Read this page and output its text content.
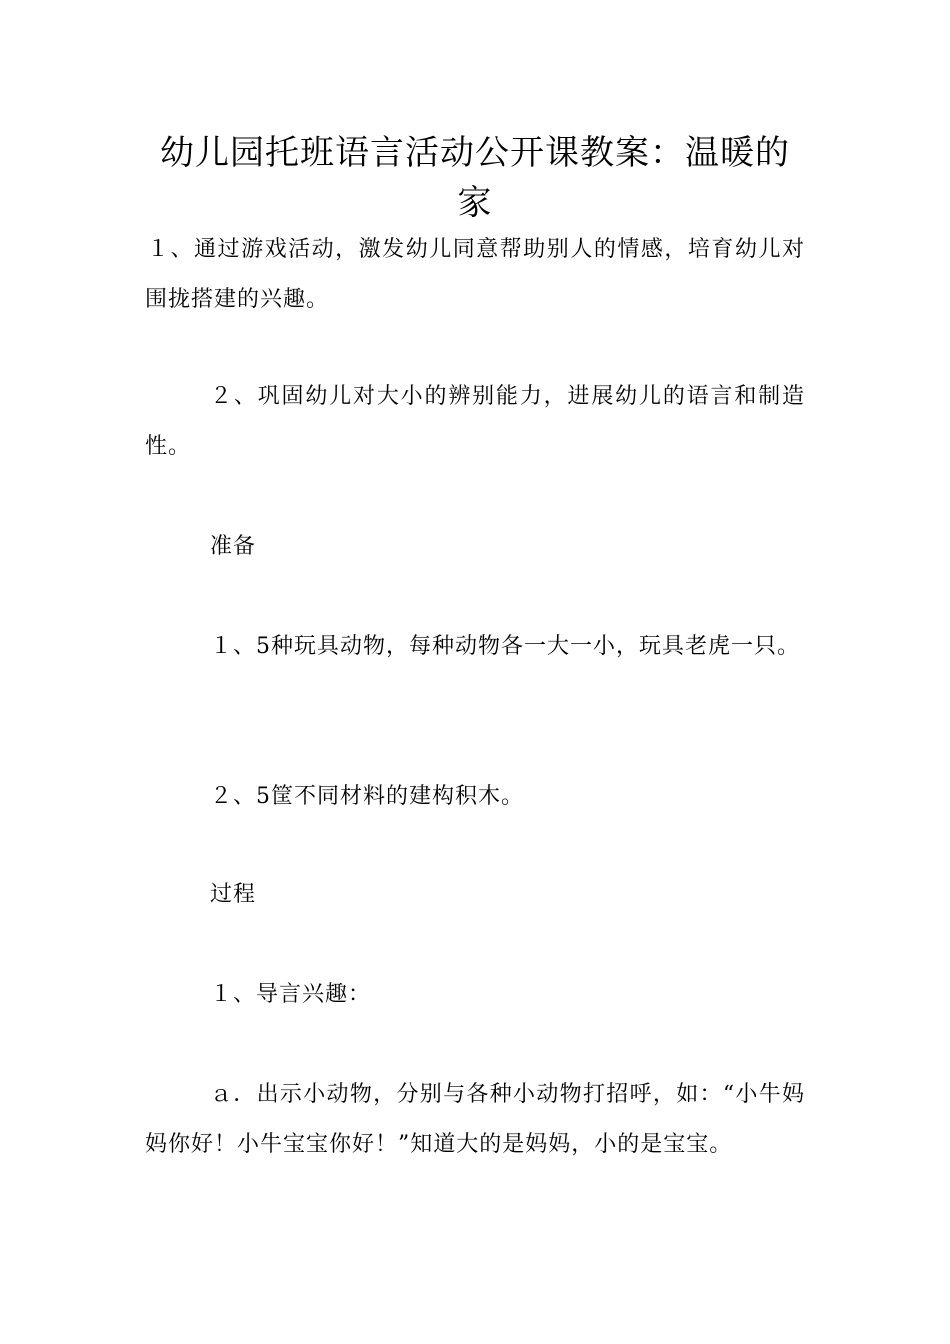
幼儿园托班语言活动公开课教案：温暖的家

１、通过游戏活动，激发幼儿同意帮助别人的情感，培育幼儿对围拢搭建的兴趣。

２、巩固幼儿对大小的辨别能力，进展幼儿的语言和制造性。

准备

１、5种玩具动物，每种动物各一大一小，玩具老虎一只。

２、5筐不同材料的建构积木。

过程

１、导言兴趣：

ａ．出示小动物，分别与各种小动物打招呼，如：“小牛妈妈你好！小牛宝宝你好！”知道大的是妈妈，小的是宝宝。
